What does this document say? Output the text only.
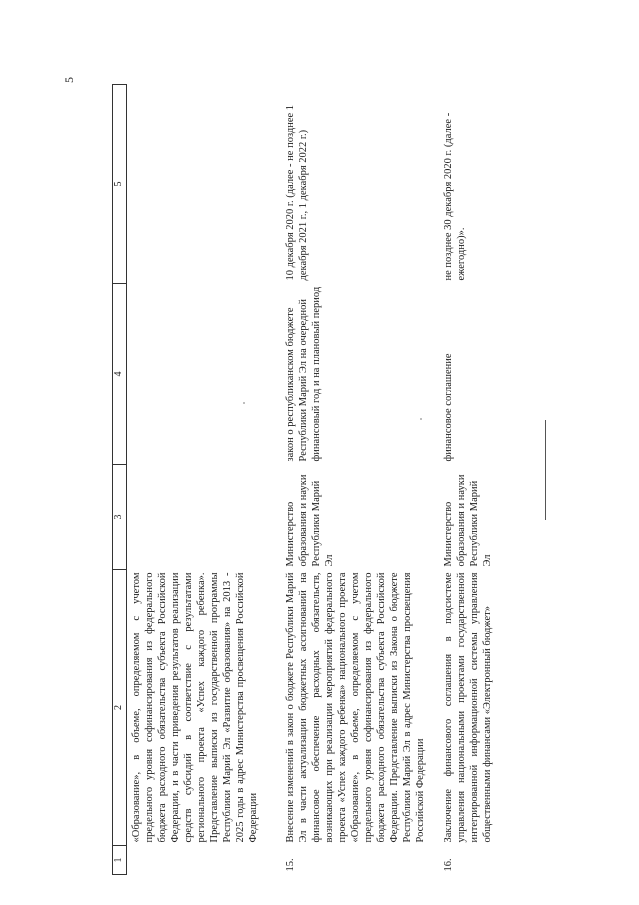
5
1	2	3	4	5
	«Образование», в объеме, определяемом с учетом предельного уровня софинансирования из федерального бюджета расходного обязательства субъекта Российской Федерации, и в части приведения результатов реализации средств субсидий в соответствие с результатами регионального проекта «Успех каждого ребенка». Представление выписки из государственной программы Республики Марий Эл «Развитие образования» на 2013 - 2025 годы в адрес Министерства просвещения Российской Федерации			
15.	Внесение изменений в закон о бюджете Республики Марий Эл в части актуализации бюджетных ассигнований на финансовое обеспечение расходных обязательств, возникающих при реализации мероприятий федерального проекта «Успех каждого ребенка» национального проекта «Образование», в объеме, определяемом с учетом предельного уровня софинансирования из федерального бюджета расходного обязательства субъекта Российской Федерации. Представление выписки из Закона о бюджете Республики Марий Эл в адрес Министерства просвещения Российской Федерации	Министерство образования и науки Республики Марий Эл	закон о республиканском бюджете Республики Марий Эл на очередной финансовый год и на плановый период	10 декабря 2020 г. (далее - не позднее 1 декабря 2021 г., 1 декабря 2022 г.)
16.	Заключение финансового соглашения в подсистеме управления национальными проектами государственной интегрированной информационной системы управления общественными финансами «Электронный бюджет»	Министерство образования и науки Республики Марий Эл	финансовое соглашение	не позднее 30 декабря 2020 г. (далее - ежегодно)».
